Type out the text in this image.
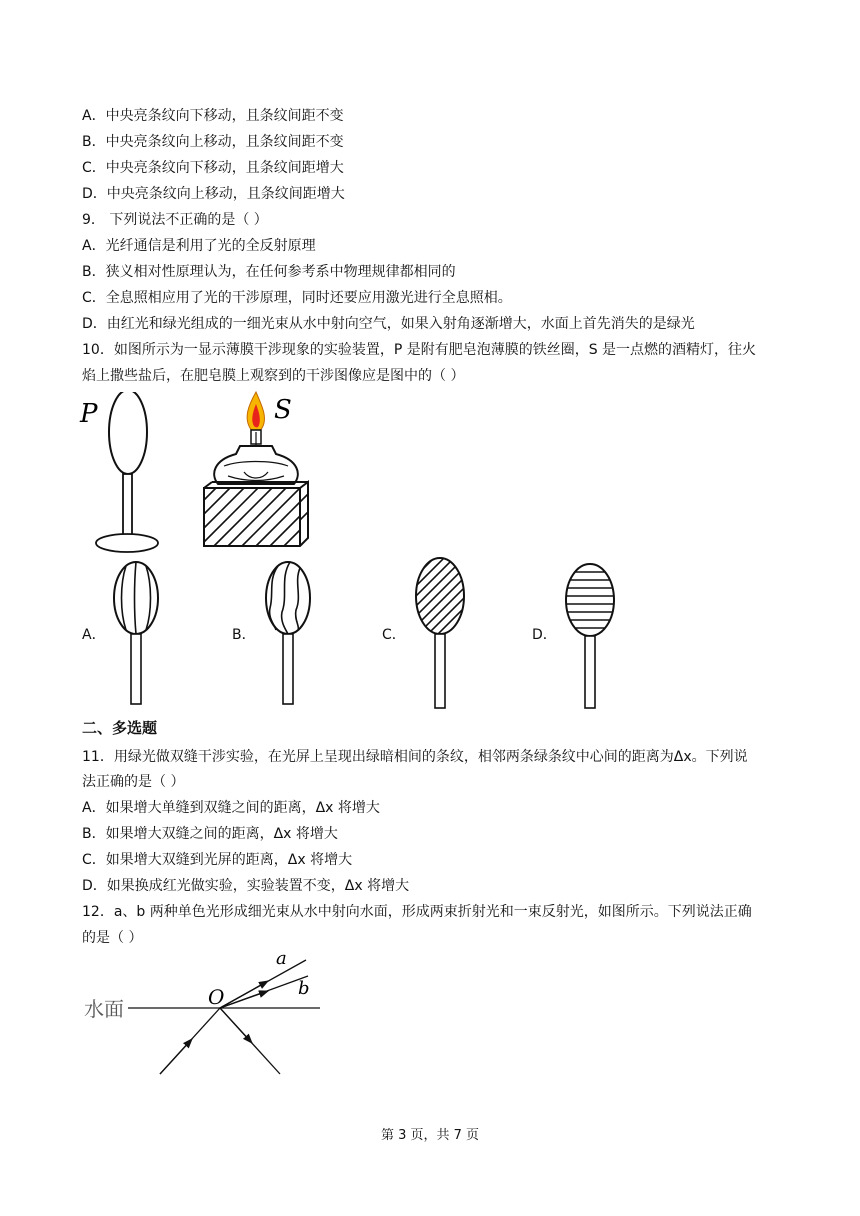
A．中央亮条纹向下移动，且条纹间距不变
B．中央亮条纹向上移动，且条纹间距不变
C．中央亮条纹向下移动，且条纹间距增大
D．中央亮条纹向上移动，且条纹间距增大
9． 下列说法不正确的是（ ）
A．光纤通信是利用了光的全反射原理
B．狭义相对性原理认为，在任何参考系中物理规律都相同的
C．全息照相应用了光的干涉原理，同时还要应用激光进行全息照相。
D．由红光和绿光组成的一细光束从水中射向空气，如果入射角逐渐增大，水面上首先消失的是绿光
10．如图所示为一显示薄膜干涉现象的实验装置，P 是附有肥皂泡薄膜的铁丝圈，S 是一点燃的酒精灯，往火
焰上撒些盐后，在肥皂膜上观察到的干涉图像应是图中的（ ）
P	S
A．	B．	C．	D．
二、多选题
11．用绿光做双缝干涉实验，在光屏上呈现出绿暗相间的条纹，相邻两条绿条纹中心间的距离为Δx。下列说
法正确的是（ ）
A．如果增大单缝到双缝之间的距离，Δx 将增大
B．如果增大双缝之间的距离，Δx 将增大
C．如果增大双缝到光屏的距离，Δx 将增大
D．如果换成红光做实验，实验装置不变，Δx 将增大
12．a、b 两种单色光形成细光束从水中射向水面，形成两束折射光和一束反射光，如图所示。下列说法正确
的是（ ）
水面	O
a
b
第 3 页，共 7 页
